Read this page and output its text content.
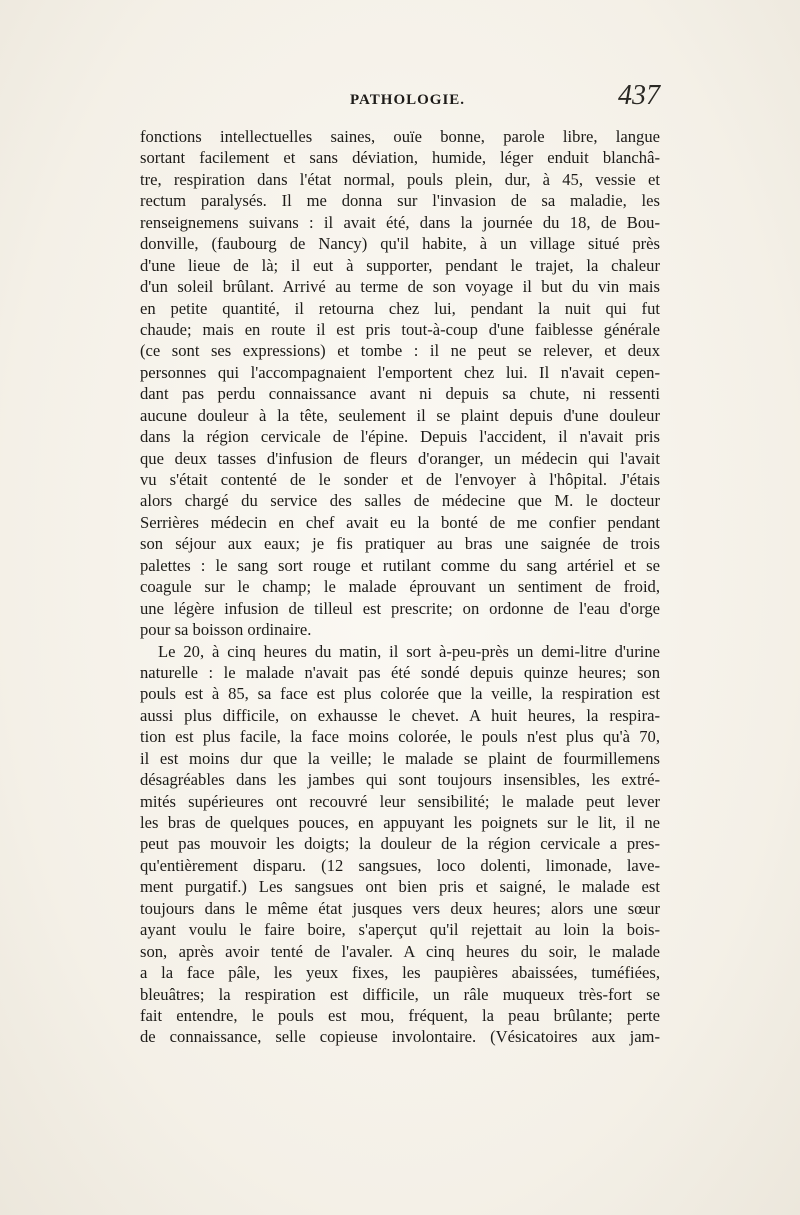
PATHOLOGIE.	437
fonctions intellectuelles saines, ouïe bonne, parole libre, langue
sortant facilement et sans déviation, humide, léger enduit blanchâ-
tre, respiration dans l'état normal, pouls plein, dur, à 45, vessie et
rectum paralysés. Il me donna sur l'invasion de sa maladie, les
renseignemens suivans : il avait été, dans la journée du 18, de Bou-
donville, (faubourg de Nancy) qu'il habite, à un village situé près
d'une lieue de là; il eut à supporter, pendant le trajet, la chaleur
d'un soleil brûlant. Arrivé au terme de son voyage il but du vin mais
en petite quantité, il retourna chez lui, pendant la nuit qui fut
chaude; mais en route il est pris tout-à-coup d'une faiblesse générale
(ce sont ses expressions) et tombe : il ne peut se relever, et deux
personnes qui l'accompagnaient l'emportent chez lui. Il n'avait cepen-
dant pas perdu connaissance avant ni depuis sa chute, ni ressenti
aucune douleur à la tête, seulement il se plaint depuis d'une douleur
dans la région cervicale de l'épine. Depuis l'accident, il n'avait pris
que deux tasses d'infusion de fleurs d'oranger, un médecin qui l'avait
vu s'était contenté de le sonder et de l'envoyer à l'hôpital. J'étais
alors chargé du service des salles de médecine que M. le docteur
Serrières médecin en chef avait eu la bonté de me confier pendant
son séjour aux eaux; je fis pratiquer au bras une saignée de trois
palettes : le sang sort rouge et rutilant comme du sang artériel et se
coagule sur le champ; le malade éprouvant un sentiment de froid,
une légère infusion de tilleul est prescrite; on ordonne de l'eau d'orge
pour sa boisson ordinaire.
Le 20, à cinq heures du matin, il sort à-peu-près un demi-litre d'urine
naturelle : le malade n'avait pas été sondé depuis quinze heures; son
pouls est à 85, sa face est plus colorée que la veille, la respiration est
aussi plus difficile, on exhausse le chevet. A huit heures, la respira-
tion est plus facile, la face moins colorée, le pouls n'est plus qu'à 70,
il est moins dur que la veille; le malade se plaint de fourmillemens
désagréables dans les jambes qui sont toujours insensibles, les extré-
mités supérieures ont recouvré leur sensibilité; le malade peut lever
les bras de quelques pouces, en appuyant les poignets sur le lit, il ne
peut pas mouvoir les doigts; la douleur de la région cervicale a pres-
qu'entièrement disparu. (12 sangsues, loco dolenti, limonade, lave-
ment purgatif.) Les sangsues ont bien pris et saigné, le malade est
toujours dans le même état jusques vers deux heures; alors une sœur
ayant voulu le faire boire, s'aperçut qu'il rejettait au loin la bois-
son, après avoir tenté de l'avaler. A cinq heures du soir, le malade
a la face pâle, les yeux fixes, les paupières abaissées, tuméfiées,
bleuâtres; la respiration est difficile, un râle muqueux très-fort se
fait entendre, le pouls est mou, fréquent, la peau brûlante; perte
de connaissance, selle copieuse involontaire. (Vésicatoires aux jam-
